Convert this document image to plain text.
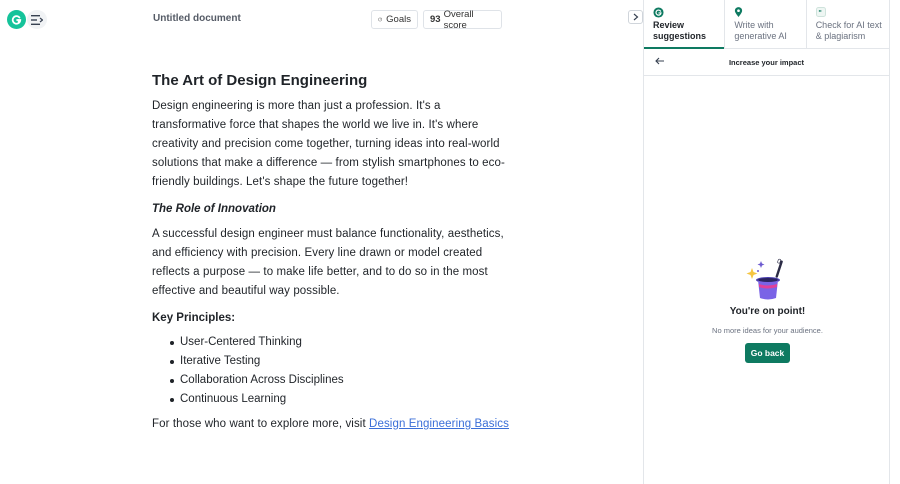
Untitled document	Goals 93 Overall score
The Art of Design Engineering

Design engineering is more than just a profession. It's a transformative force that shapes the world we live in. It's where creativity and precision come together, turning ideas into real-world solutions that make a difference — from stylish smartphones to eco-friendly buildings. Let's shape the future together!

The Role of Innovation

A successful design engineer must balance functionality, aesthetics, and efficiency with precision. Every line drawn or model created reflects a purpose — to make life better, and to do so in the most effective and beautiful way possible.

Key Principles:
User-Centered Thinking
Iterative Testing
Collaboration Across Disciplines
Continuous Learning

For those who want to explore more, visit Design Engineering Basics

Review suggestions
Write with generative AI
"
Check for AI text & plagiarism
Increase your impact
You're on point!
No more ideas for your audience.
Go back
